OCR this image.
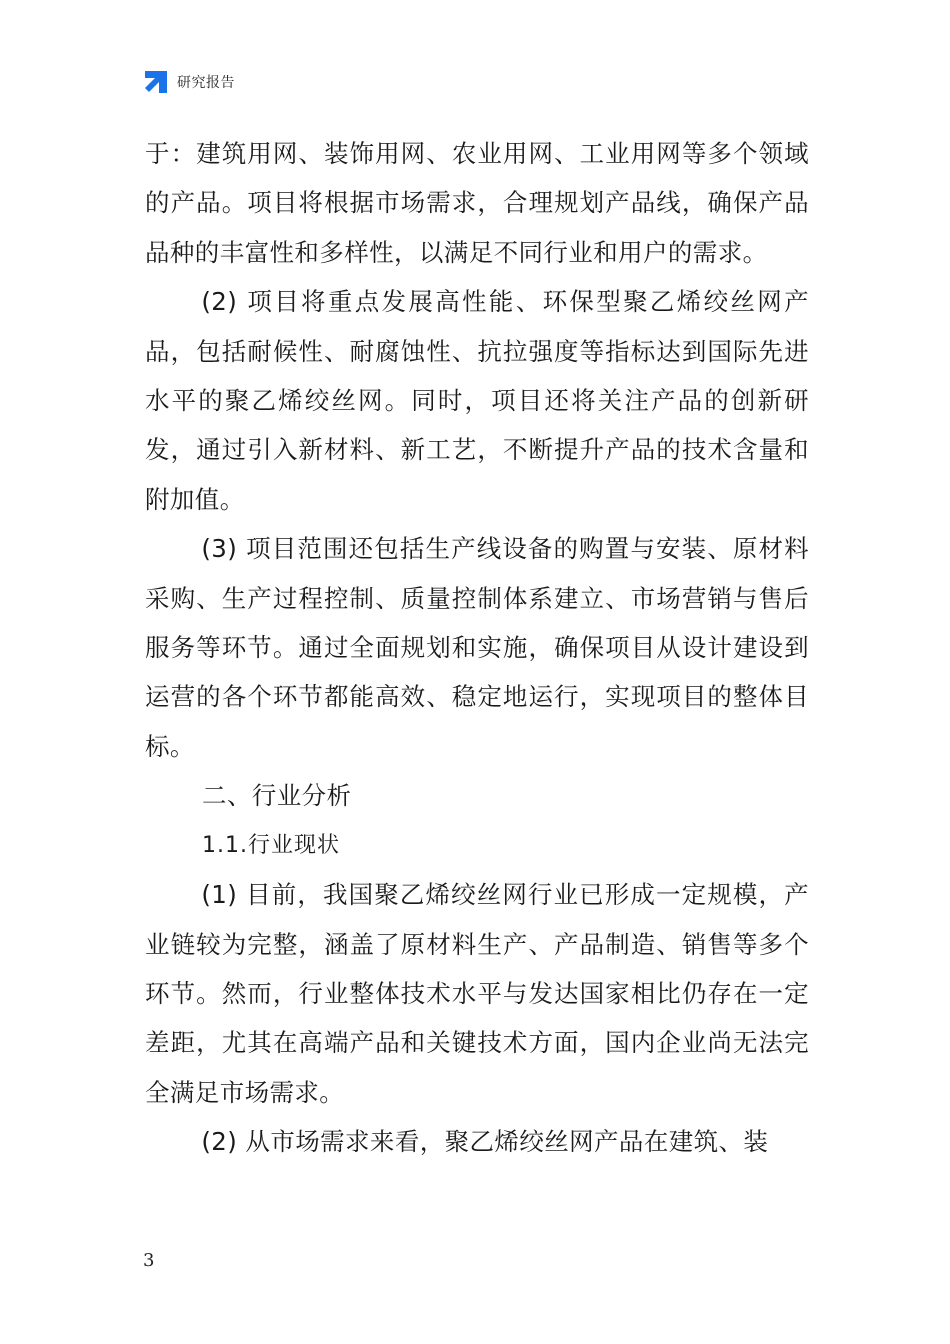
研究报告

于：建筑用网、装饰用网、农业用网、工业用网等多个领域的产品。项目将根据市场需求，合理规划产品线，确保产品品种的丰富性和多样性，以满足不同行业和用户的需求。

(2) 项目将重点发展高性能、环保型聚乙烯绞丝网产品，包括耐候性、耐腐蚀性、抗拉强度等指标达到国际先进水平的聚乙烯绞丝网。同时，项目还将关注产品的创新研发，通过引入新材料、新工艺，不断提升产品的技术含量和附加值。

(3) 项目范围还包括生产线设备的购置与安装、原材料采购、生产过程控制、质量控制体系建立、市场营销与售后服务等环节。通过全面规划和实施，确保项目从设计建设到运营的各个环节都能高效、稳定地运行，实现项目的整体目标。

二、行业分析

1.1.行业现状

(1) 目前，我国聚乙烯绞丝网行业已形成一定规模，产业链较为完整，涵盖了原材料生产、产品制造、销售等多个环节。然而，行业整体技术水平与发达国家相比仍存在一定差距，尤其在高端产品和关键技术方面，国内企业尚无法完全满足市场需求。

(2) 从市场需求来看，聚乙烯绞丝网产品在建筑、装

3
